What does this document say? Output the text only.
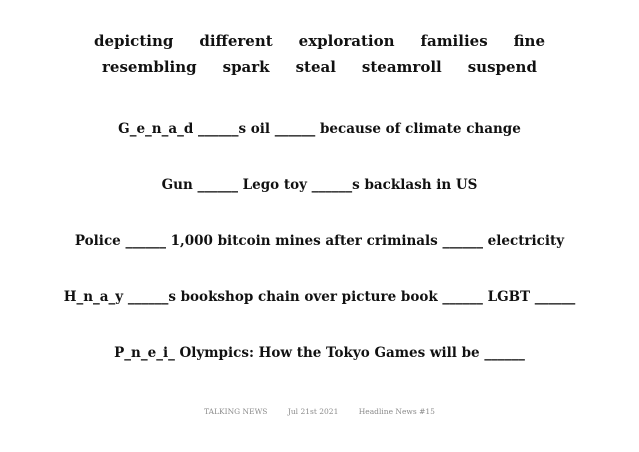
depicting different exploration families fine
resembling spark steal steamroll suspend
G_e_n_a_d ______s oil ______ because of climate change
Gun ______ Lego toy ______s backlash in US
Police ______ 1,000 bitcoin mines after criminals ______ electricity
H_n_a_y ______s bookshop chain over picture book ______ LGBT ______
P_n_e_i_ Olympics: How the Tokyo Games will be ______
TALKING NEWS	Jul 21st 2021	Headline News #15
